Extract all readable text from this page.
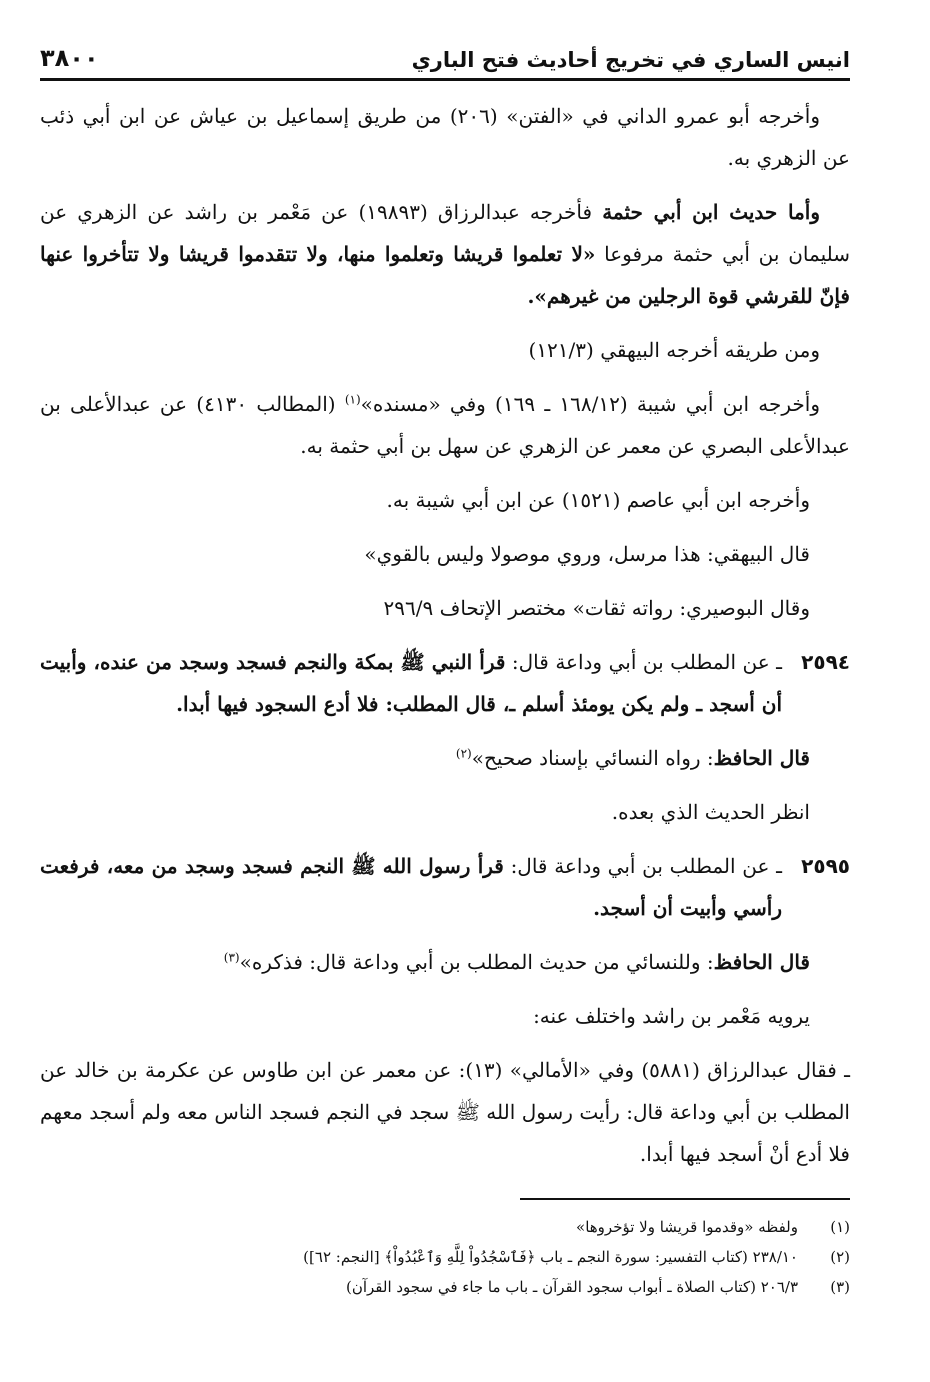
انيس الساري في تخريج أحاديث فتح الباري
٣٨٠٠

وأخرجه أبو عمرو الداني في «الفتن» (٢٠٦) من طريق إسماعيل بن عياش عن ابن أبي ذئب عن الزهري به.

وأما حديث ابن أبي حثمة فأخرجه عبدالرزاق (١٩٨٩٣) عن مَعْمر بن راشد عن الزهري عن سليمان بن أبي حثمة مرفوعا «لا تعلموا قريشا وتعلموا منها، ولا تتقدموا قريشا ولا تتأخروا عنها فإنّ للقرشي قوة الرجلين من غيرهم».

ومن طريقه أخرجه البيهقي (١٢١/٣)

وأخرجه ابن أبي شيبة (١٦٨/١٢ ـ ١٦٩) وفي «مسنده»$^{(١)}$ (المطالب ٤١٣٠) عن عبدالأعلى بن عبدالأعلى البصري عن معمر عن الزهري عن سهل بن أبي حثمة به.

وأخرجه ابن أبي عاصم (١٥٢١) عن ابن أبي شيبة به.

قال البيهقي: هذا مرسل، وروي موصولا وليس بالقوي»

وقال البوصيري: رواته ثقات» مختصر الإتحاف ٢٩٦/٩

٢٥٩٤
ـ عن المطلب بن أبي وداعة قال: قرأ النبي ﷺ بمكة والنجم فسجد وسجد من عنده، وأبيت أن أسجد ـ ولم يكن يومئذ أسلم ـ، قال المطلب: فلا أدع السجود فيها أبدا.

قال الحافظ: رواه النسائي بإسناد صحيح»$^{(٢)}$

انظر الحديث الذي بعده.

٢٥٩٥
ـ عن المطلب بن أبي وداعة قال: قرأ رسول الله ﷺ النجم فسجد وسجد من معه، فرفعت رأسي وأبيت أن أسجد.

قال الحافظ: وللنسائي من حديث المطلب بن أبي وداعة قال: فذكره»$^{(٣)}$

يرويه مَعْمر بن راشد واختلف عنه:

ـ فقال عبدالرزاق (٥٨٨١) وفي «الأمالي» (١٣): عن معمر عن ابن طاوس عن عكرمة بن خالد عن المطلب بن أبي وداعة قال: رأيت رسول الله ﷺ سجد في النجم فسجد الناس معه ولم أسجد معهم فلا أدع أنْ أسجد فيها أبدا.

(١)
ولفظه «وقدموا قريشا ولا تؤخروها»
(٢)
٢٣٨/١٠ (كتاب التفسير: سورة النجم ـ باب ﴿فَٱسْجُدُواْ لِلَّهِ وَٱعْبُدُواْ﴾ [النجم: ٦٢])
(٣)
٢٠٦/٣ (كتاب الصلاة ـ أبواب سجود القرآن ـ باب ما جاء في سجود القرآن)
